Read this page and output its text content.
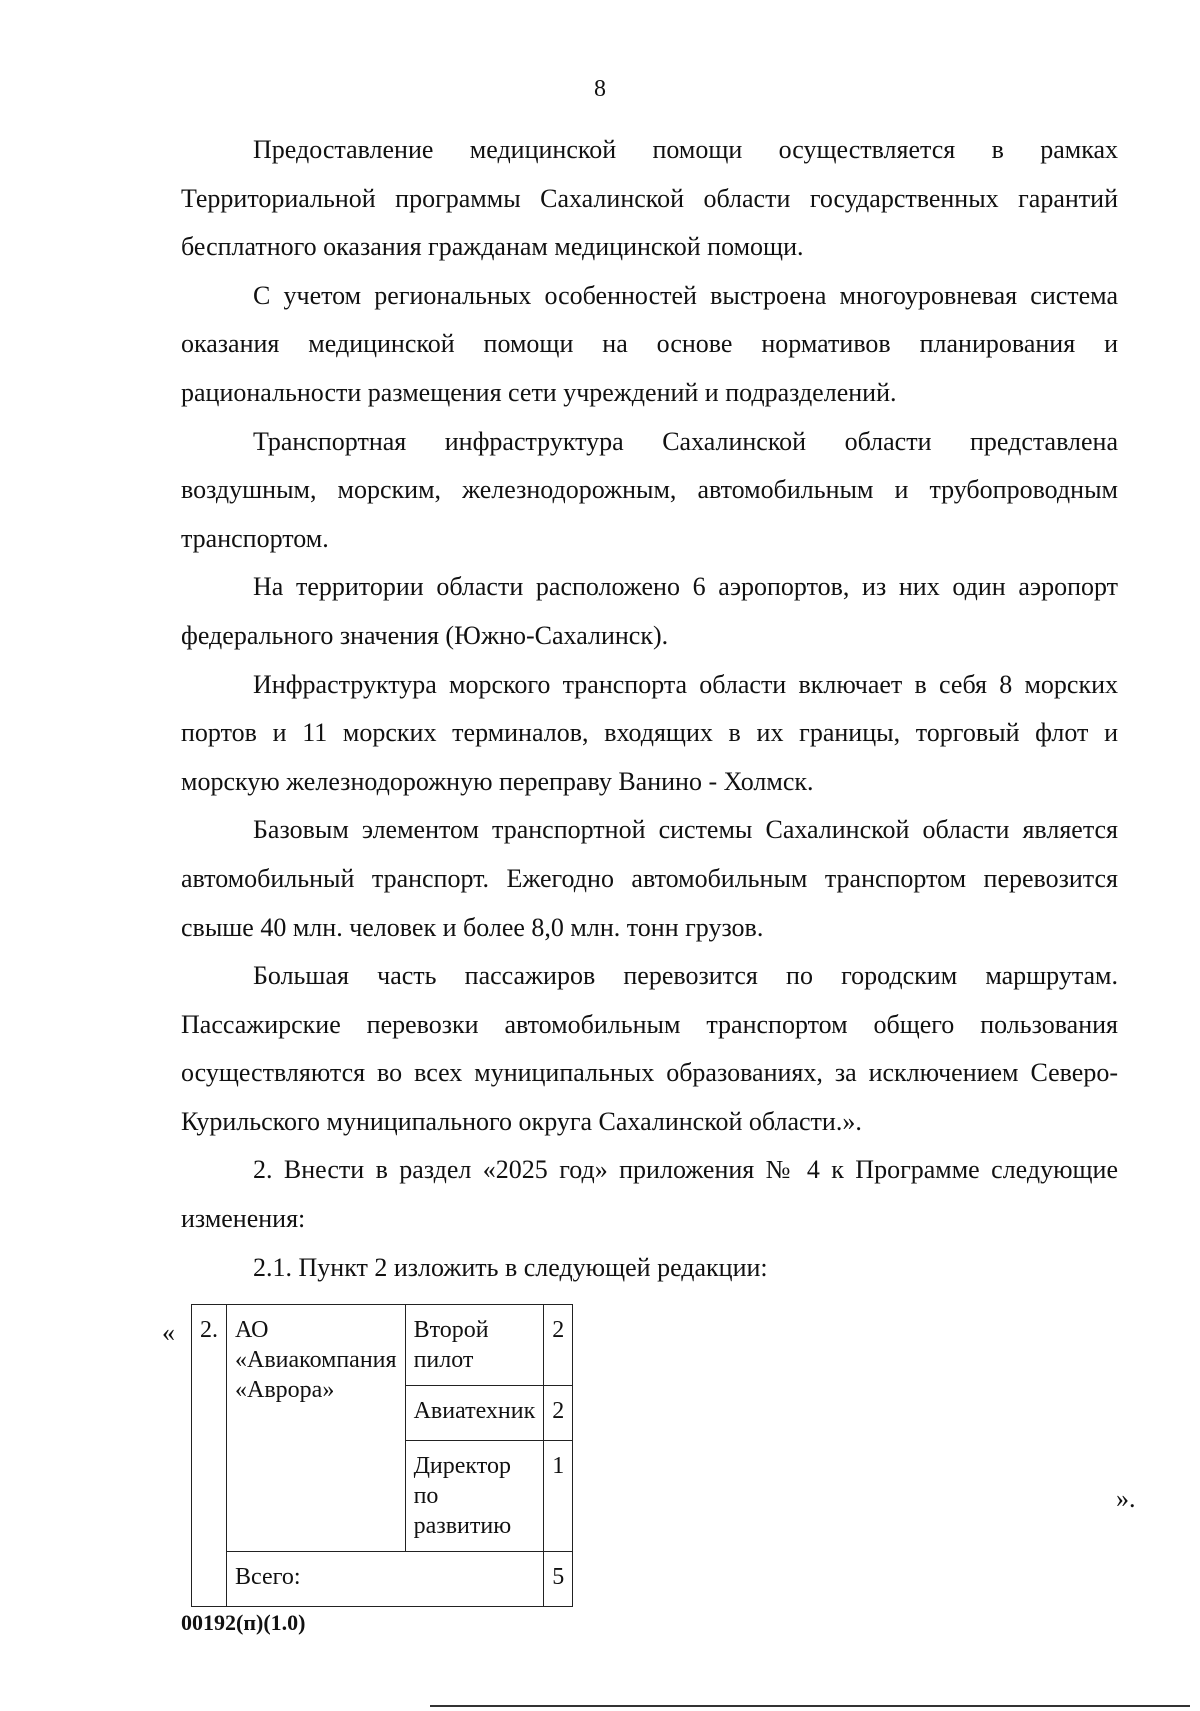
8

Предоставление медицинской помощи осуществляется в рамках Территориальной программы Сахалинской области государственных гарантий бесплатного оказания гражданам медицинской помощи.

С учетом региональных особенностей выстроена многоуровневая система оказания медицинской помощи на основе нормативов планирования и рациональности размещения сети учреждений и подразделений.

Транспортная инфраструктура Сахалинской области представлена воздушным, морским, железнодорожным, автомобильным и трубопроводным транспортом.

На территории области расположено 6 аэропортов, из них один аэропорт федерального значения (Южно-Сахалинск).

Инфраструктура морского транспорта области включает в себя 8 морских портов и 11 морских терминалов, входящих в их границы, торговый флот и морскую железнодорожную переправу Ванино - Холмск.

Базовым элементом транспортной системы Сахалинской области является автомобильный транспорт. Ежегодно автомобильным транспортом перевозится свыше 40 млн. человек и более 8,0 млн. тонн грузов.

Большая часть пассажиров перевозится по городским маршрутам. Пассажирские перевозки автомобильным транспортом общего пользования осуществляются во всех муниципальных образованиях, за исключением Северо-Курильского муниципального округа Сахалинской области.».

2. Внести в раздел «2025 год» приложения № 4 к Программе следующие изменения:

2.1. Пункт 2 изложить в следующей редакции:

« 2.	АО «Авиакомпания «Аврора»	Второй пилот	2
		Авиатехник	2
		Директор по развитию	1
	Всего:		5
».
00192(п)(1.0)
